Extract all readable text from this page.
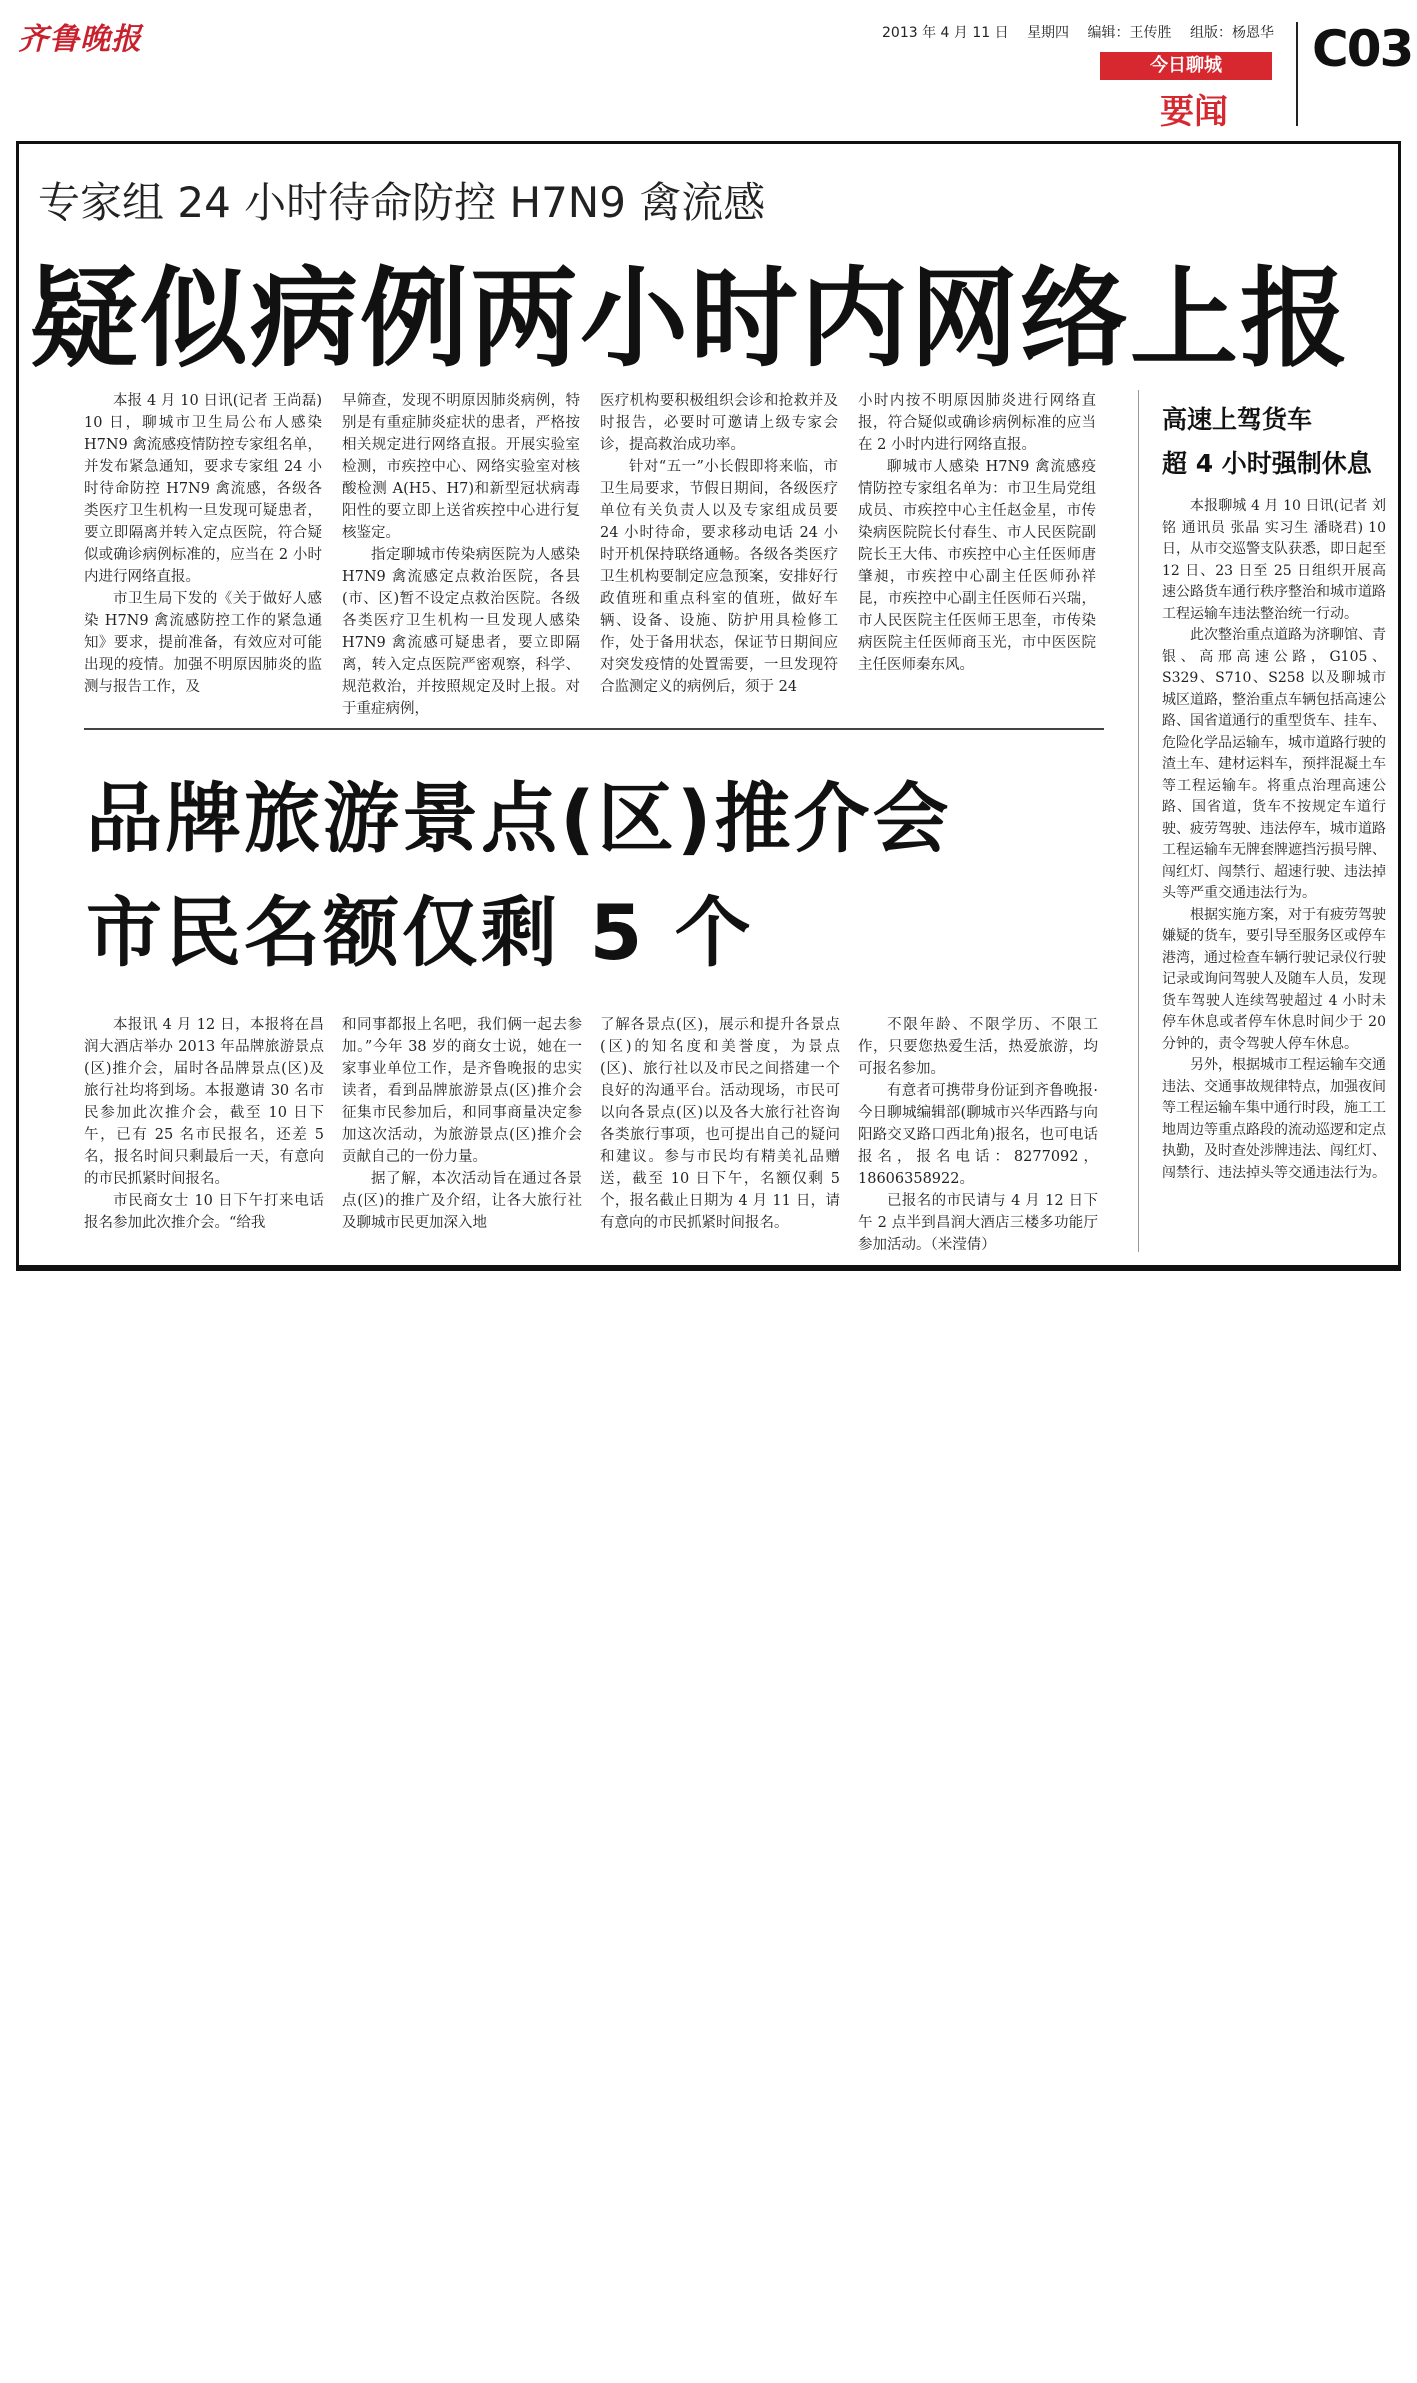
齐鲁晚报	2013 年 4 月 11 日 星期四 编辑：王传胜 组版：杨恩华
今日聊城
要闻
C03
专家组 24 小时待命防控 H7N9 禽流感
疑似病例两小时内网络上报

本报 4 月 10 日讯(记者 王尚磊) 10 日，聊城市卫生局公布人感染 H7N9 禽流感疫情防控专家组名单，并发布紧急通知，要求专家组 24 小时待命防控 H7N9 禽流感，各级各类医疗卫生机构一旦发现可疑患者，要立即隔离并转入定点医院，符合疑似或确诊病例标准的，应当在 2 小时内进行网络直报。

市卫生局下发的《关于做好人感染 H7N9 禽流感防控工作的紧急通知》要求，提前准备，有效应对可能出现的疫情。加强不明原因肺炎的监测与报告工作，及

早筛查，发现不明原因肺炎病例，特别是有重症肺炎症状的患者，严格按相关规定进行网络直报。开展实验室检测，市疾控中心、网络实验室对核酸检测 A(H5、H7)和新型冠状病毒阳性的要立即上送省疾控中心进行复核鉴定。

指定聊城市传染病医院为人感染 H7N9 禽流感定点救治医院，各县(市、区)暂不设定点救治医院。各级各类医疗卫生机构一旦发现人感染 H7N9 禽流感可疑患者，要立即隔离，转入定点医院严密观察，科学、规范救治，并按照规定及时上报。对于重症病例，

医疗机构要积极组织会诊和抢救并及时报告，必要时可邀请上级专家会诊，提高救治成功率。

针对“五一”小长假即将来临，市卫生局要求，节假日期间，各级医疗单位有关负责人以及专家组成员要 24 小时待命，要求移动电话 24 小时开机保持联络通畅。各级各类医疗卫生机构要制定应急预案，安排好行政值班和重点科室的值班，做好车辆、设备、设施、防护用具检修工作，处于备用状态，保证节日期间应对突发疫情的处置需要，一旦发现符合监测定义的病例后，须于 24

小时内按不明原因肺炎进行网络直报，符合疑似或确诊病例标准的应当在 2 小时内进行网络直报。

聊城市人感染 H7N9 禽流感疫情防控专家组名单为：市卫生局党组成员、市疾控中心主任赵金星，市传染病医院院长付春生、市人民医院副院长王大伟、市疾控中心主任医师唐肇昶，市疾控中心副主任医师孙祥昆，市疾控中心副主任医师石兴瑞，市人民医院主任医师王思奎，市传染病医院主任医师商玉光，市中医医院主任医师秦东风。

品牌旅游景点(区)推介会
市民名额仅剩 5 个

本报讯 4 月 12 日，本报将在昌润大酒店举办 2013 年品牌旅游景点(区)推介会，届时各品牌景点(区)及旅行社均将到场。本报邀请 30 名市民参加此次推介会，截至 10 日下午，已有 25 名市民报名，还差 5 名，报名时间只剩最后一天，有意向的市民抓紧时间报名。

市民商女士 10 日下午打来电话报名参加此次推介会。“给我

和同事都报上名吧，我们俩一起去参加。”今年 38 岁的商女士说，她在一家事业单位工作，是齐鲁晚报的忠实读者，看到品牌旅游景点(区)推介会征集市民参加后，和同事商量决定参加这次活动，为旅游景点(区)推介会贡献自己的一份力量。

据了解，本次活动旨在通过各景点(区)的推广及介绍，让各大旅行社及聊城市民更加深入地

了解各景点(区)，展示和提升各景点(区)的知名度和美誉度，为景点(区)、旅行社以及市民之间搭建一个良好的沟通平台。活动现场，市民可以向各景点(区)以及各大旅行社咨询各类旅行事项，也可提出自己的疑问和建议。参与市民均有精美礼品赠送，截至 10 日下午，名额仅剩 5 个，报名截止日期为 4 月 11 日，请有意向的市民抓紧时间报名。

不限年龄、不限学历、不限工作，只要您热爱生活，热爱旅游，均可报名参加。

有意者可携带身份证到齐鲁晚报·今日聊城编辑部(聊城市兴华西路与向阳路交叉路口西北角)报名，也可电话报名，报名电话：8277092，18606358922。

已报名的市民请与 4 月 12 日下午 2 点半到昌润大酒店三楼多功能厅参加活动。（米滢倩）

高速上驾货车
超 4 小时强制休息

本报聊城 4 月 10 日讯(记者 刘铭 通讯员 张晶 实习生 潘晓君) 10 日，从市交巡警支队获悉，即日起至 12 日、23 日至 25 日组织开展高速公路货车通行秩序整治和城市道路工程运输车违法整治统一行动。

此次整治重点道路为济聊馆、青银、高邢高速公路，G105、S329、S710、S258 以及聊城市城区道路，整治重点车辆包括高速公路、国省道通行的重型货车、挂车、危险化学品运输车，城市道路行驶的渣土车、建材运料车，预拌混凝土车等工程运输车。将重点治理高速公路、国省道，货车不按规定车道行驶、疲劳驾驶、违法停车，城市道路工程运输车无牌套牌遮挡污损号牌、闯红灯、闯禁行、超速行驶、违法掉头等严重交通违法行为。

根据实施方案，对于有疲劳驾驶嫌疑的货车，要引导至服务区或停车港湾，通过检查车辆行驶记录仪行驶记录或询问驾驶人及随车人员，发现货车驾驶人连续驾驶超过 4 小时未停车休息或者停车休息时间少于 20 分钟的，责令驾驶人停车休息。

另外，根据城市工程运输车交通违法、交通事故规律特点，加强夜间等工程运输车集中通行时段，施工工地周边等重点路段的流动巡逻和定点执勤，及时查处涉牌违法、闯红灯、闯禁行、违法掉头等交通违法行为。
